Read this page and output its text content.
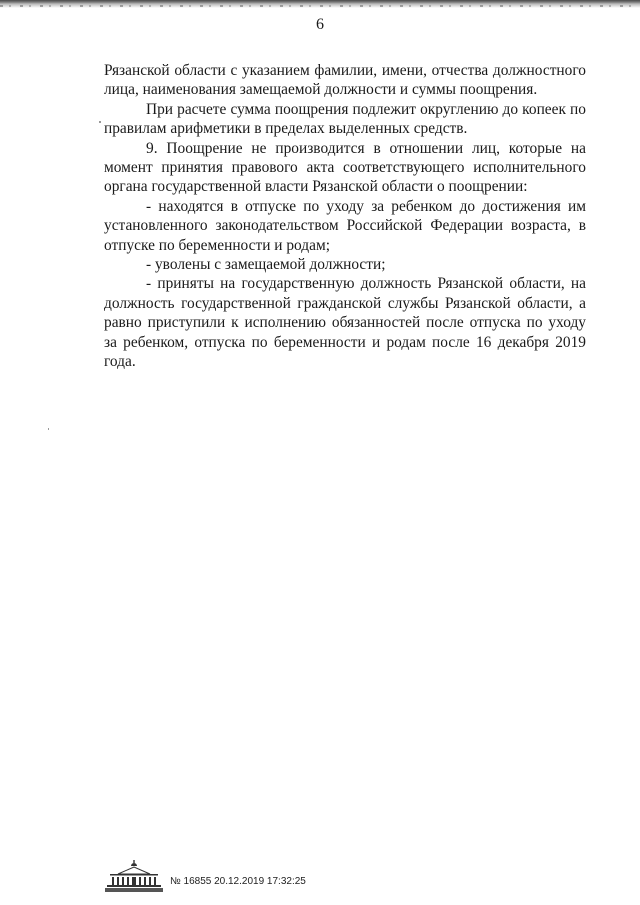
6

Рязанской области с указанием фамилии, имени, отчества должностного лица, наименования замещаемой должности и суммы поощрения.

При расчете сумма поощрения подлежит округлению до копеек по правилам арифметики в пределах выделенных средств.

9. Поощрение не производится в отношении лиц, которые на момент принятия правового акта соответствующего исполнительного органа государственной власти Рязанской области о поощрении:

- находятся в отпуске по уходу за ребенком до достижения им установленного законодательством Российской Федерации возраста, в отпуске по беременности и родам;

- уволены с замещаемой должности;

- приняты на государственную должность Рязанской области, на должность государственной гражданской службы Рязанской области, а равно приступили к исполнению обязанностей после отпуска по уходу за ребенком, отпуска по беременности и родам после 16 декабря 2019 года.

№ 16855 20.12.2019 17:32:25
